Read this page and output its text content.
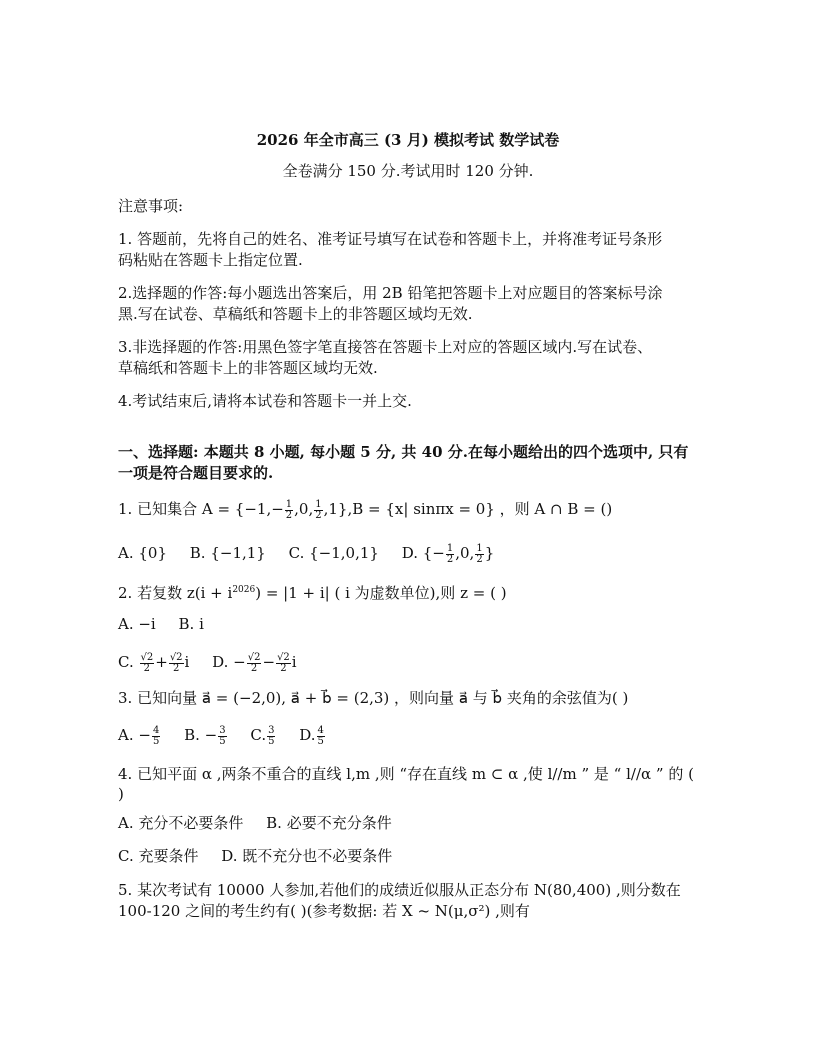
2026 年全市高三 (3 月) 模拟考试 数学试卷
全卷满分 150 分.考试用时 120 分钟.
注意事项:
1. 答题前，先将自己的姓名、准考证号填写在试卷和答题卡上，并将准考证号条形
码粘贴在答题卡上指定位置.
2.选择题的作答:每小题选出答案后，用 2B 铅笔把答题卡上对应题目的答案标号涂
黑.写在试卷、草稿纸和答题卡上的非答题区域均无效.
3.非选择题的作答:用黑色签字笔直接答在答题卡上对应的答题区域内.写在试卷、
草稿纸和答题卡上的非答题区域均无效.
4.考试结束后,请将本试卷和答题卡一并上交.
一、选择题: 本题共 8 小题, 每小题 5 分, 共 40 分.在每小题给出的四个选项中, 只有
一项是符合题目要求的.
1. 已知集合 $A = \{-1,- \frac{1}{2} ,0$, $\frac{1}{2} ,1\},B = \{x|$ sinπx = 0} ，则 A ∩ B = ()
A. {0} B. {−1,1} C. {−1,0,1} D. {− $\frac{1}{2} ,0$, $\frac{1}{2}$ }
2. 若复数 $z(i + i^{2026}) = |1 + i|$ ( i 为虚数单位),则 z = ( )
A. −i B. i
C. $\frac{√2}{2} + \frac{√2}{2}$ i D. − $\frac{√2}{2} - \frac{√2}{2}$ i
3. 已知向量 a⃗ = (−2,0), a⃗ + b⃗ = (2,3) ，则向量 a⃗ 与 b⃗ 夹角的余弦值为( )
A. − $\frac{4}{5} B$. − $\frac{3}{5} C$. $\frac{3}{5} D$. $\frac{4}{5}$
4. 已知平面 α ,两条不重合的直线 l,m ,则 “存在直线 m ⊂ α ,使 l//m ” 是 “ l//α ” 的 (
)
A. 充分不必要条件 B. 必要不充分条件
C. 充要条件 D. 既不充分也不必要条件
5. 某次考试有 10000 人参加,若他们的成绩近似服从正态分布 N(80,400) ,则分数在
100-120 之间的考生约有( )(参考数据: 若 X ~ N(μ,σ²) ,则有
